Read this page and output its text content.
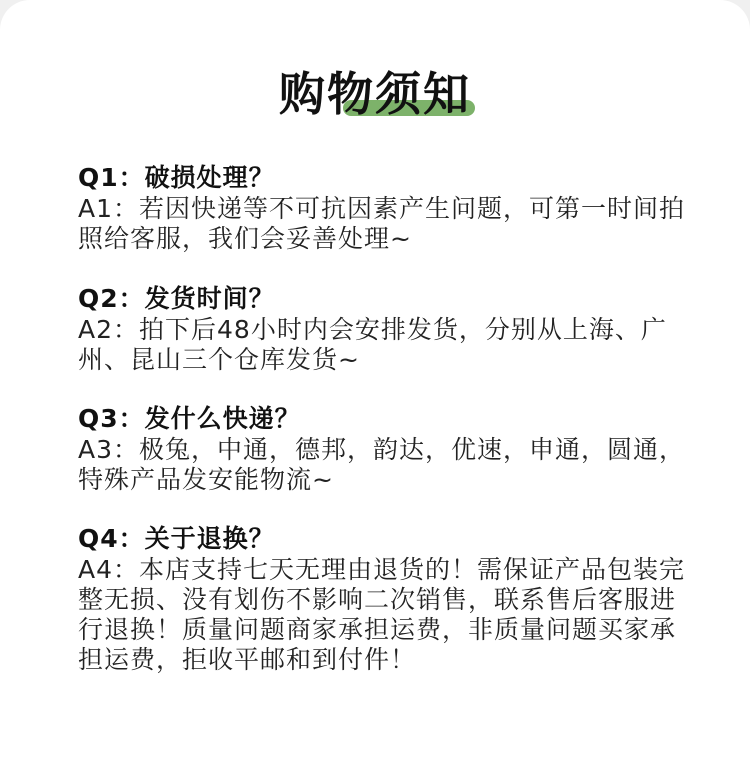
购物须知
Q1：破损处理？
A1：若因快递等不可抗因素产生问题，可第一时间拍照给客服，我们会妥善处理~
Q2：发货时间？
A2：拍下后48小时内会安排发货，分别从上海、广州、昆山三个仓库发货~
Q3：发什么快递？
A3：极兔，中通，德邦，韵达，优速，申通，圆通，特殊产品发安能物流~
Q4：关于退换？
A4：本店支持七天无理由退货的！需保证产品包装完整无损、没有划伤不影响二次销售，联系售后客服进行退换！质量问题商家承担运费，非质量问题买家承担运费，拒收平邮和到付件！
